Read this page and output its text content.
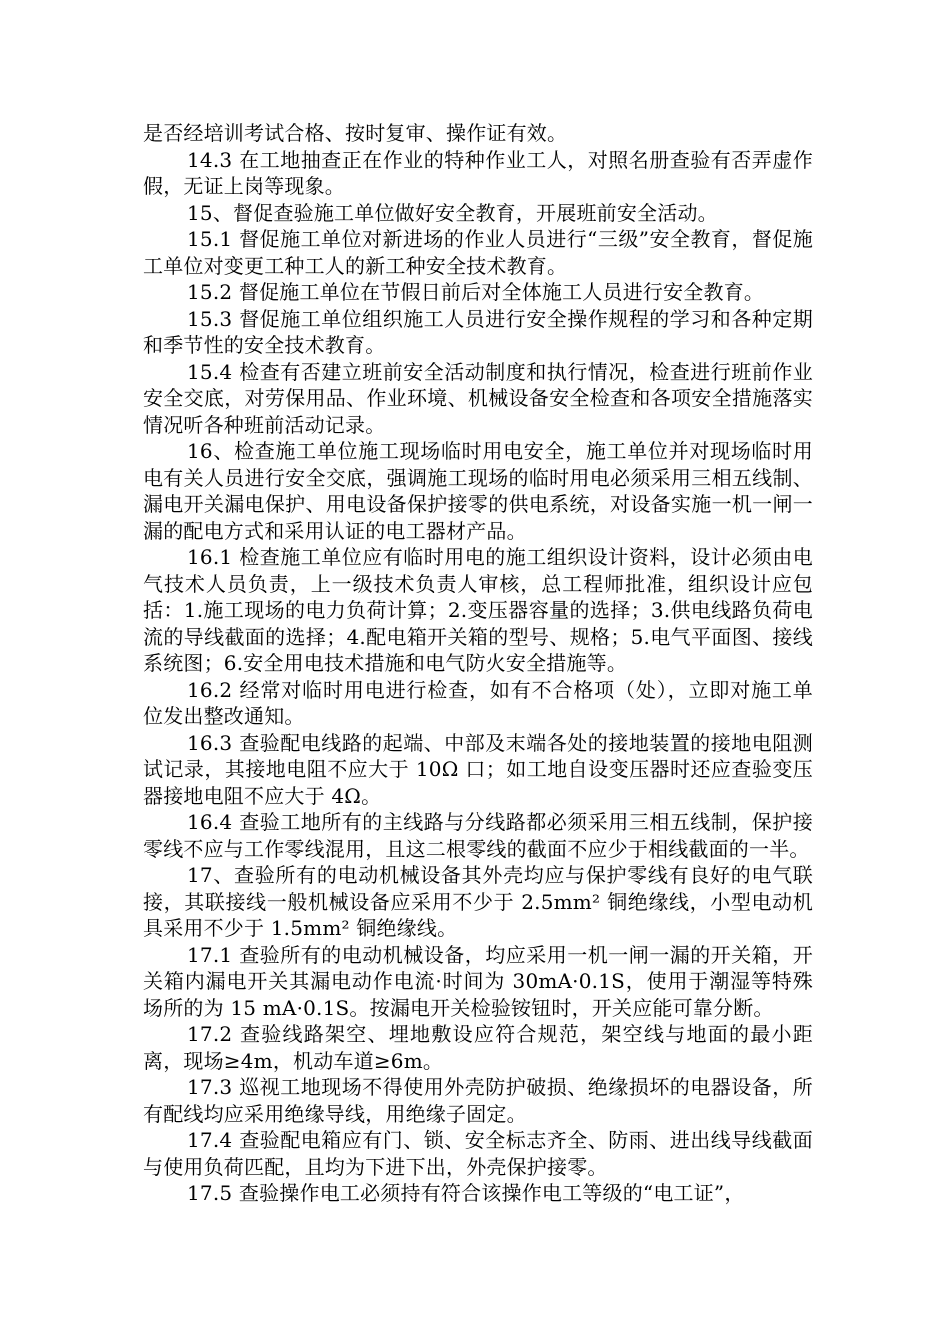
是否经培训考试合格、按时复审、操作证有效。

14.3 在工地抽查正在作业的特种作业工人，对照名册查验有否弄虚作假，无证上岗等现象。

15、督促查验施工单位做好安全教育，开展班前安全活动。

15.1 督促施工单位对新进场的作业人员进行“三级”安全教育，督促施工单位对变更工种工人的新工种安全技术教育。

15.2 督促施工单位在节假日前后对全体施工人员进行安全教育。

15.3 督促施工单位组织施工人员进行安全操作规程的学习和各种定期和季节性的安全技术教育。

15.4 检查有否建立班前安全活动制度和执行情况，检查进行班前作业安全交底，对劳保用品、作业环境、机械设备安全检查和各项安全措施落实情况听各种班前活动记录。

16、检查施工单位施工现场临时用电安全，施工单位并对现场临时用电有关人员进行安全交底，强调施工现场的临时用电必须采用三相五线制、漏电开关漏电保护、用电设备保护接零的供电系统，对设备实施一机一闸一漏的配电方式和采用认证的电工器材产品。

16.1 检查施工单位应有临时用电的施工组织设计资料，设计必须由电气技术人员负责，上一级技术负责人审核，总工程师批准，组织设计应包括：1.施工现场的电力负荷计算；2.变压器容量的选择；3.供电线路负荷电流的导线截面的选择；4.配电箱开关箱的型号、规格；5.电气平面图、接线系统图；6.安全用电技术措施和电气防火安全措施等。

16.2 经常对临时用电进行检查，如有不合格项（处），立即对施工单位发出整改通知。

16.3 查验配电线路的起端、中部及末端各处的接地装置的接地电阻测试记录，其接地电阻不应大于 10Ω 口；如工地自设变压器时还应查验变压器接地电阻不应大于 4Ω。

16.4 查验工地所有的主线路与分线路都必须采用三相五线制，保护接零线不应与工作零线混用，且这二根零线的截面不应少于相线截面的一半。

17、查验所有的电动机械设备其外壳均应与保护零线有良好的电气联接，其联接线一般机械设备应采用不少于 2.5mm² 铜绝缘线，小型电动机具采用不少于 1.5mm² 铜绝缘线。

17.1 查验所有的电动机械设备，均应采用一机一闸一漏的开关箱，开关箱内漏电开关其漏电动作电流·时间为 30mA·0.1S，使用于潮湿等特殊场所的为 15 mA·0.1S。按漏电开关检验铵钮时，开关应能可靠分断。

17.2 查验线路架空、埋地敷设应符合规范，架空线与地面的最小距离，现场≥4m，机动车道≥6m。

17.3 巡视工地现场不得使用外壳防护破损、绝缘损坏的电器设备，所有配线均应采用绝缘导线，用绝缘子固定。

17.4 查验配电箱应有门、锁、安全标志齐全、防雨、进出线导线截面与使用负荷匹配，且均为下进下出，外壳保护接零。

17.5 查验操作电工必须持有符合该操作电工等级的“电工证”，
